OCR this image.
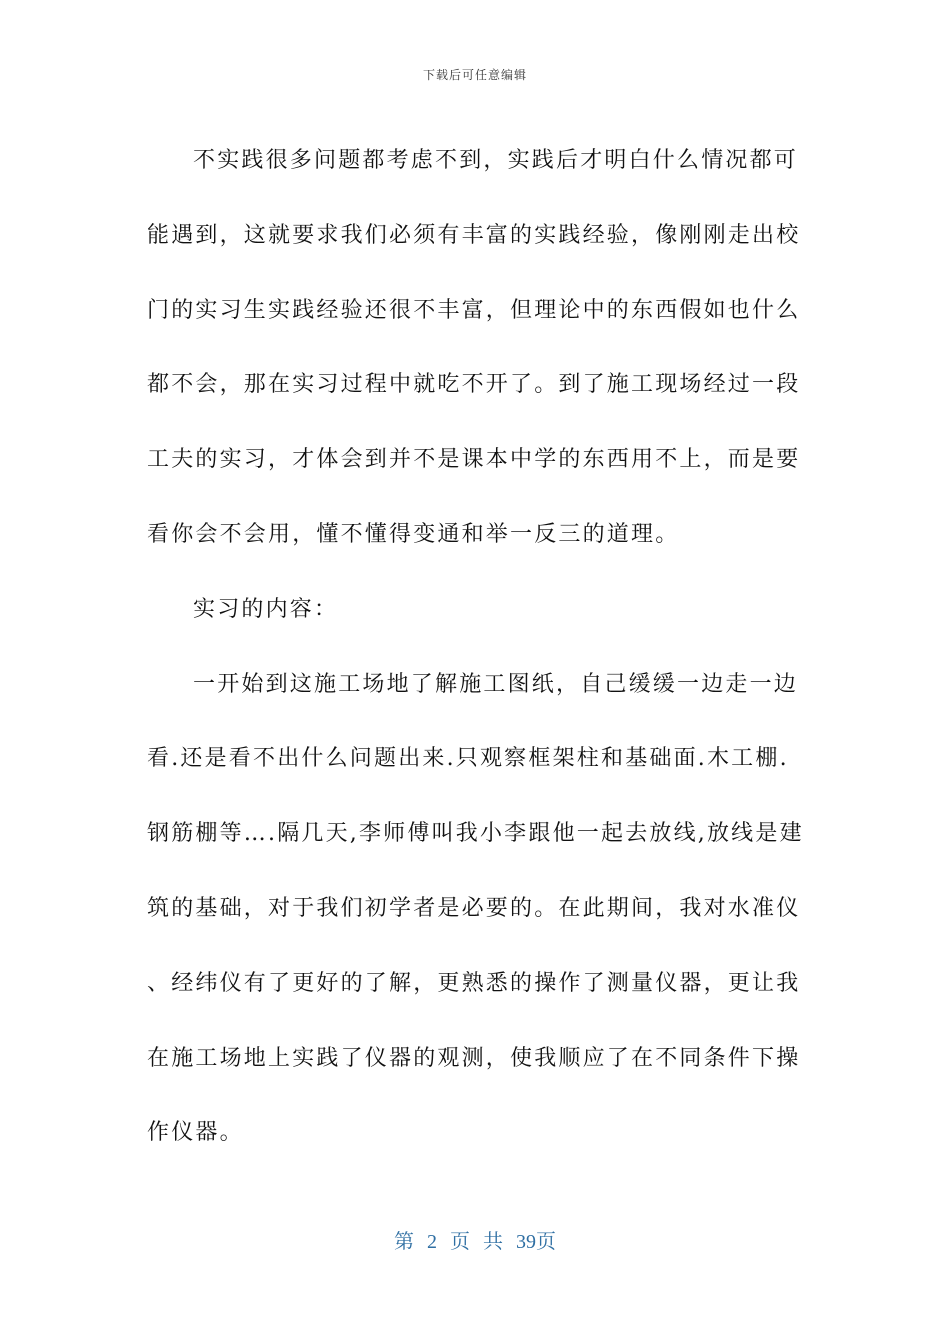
下载后可任意编辑
不实践很多问题都考虑不到，实践后才明白什么情况都可
能遇到，这就要求我们必须有丰富的实践经验，像刚刚走出校
门的实习生实践经验还很不丰富，但理论中的东西假如也什么
都不会，那在实习过程中就吃不开了。到了施工现场经过一段
工夫的实习，才体会到并不是课本中学的东西用不上，而是要
看你会不会用，懂不懂得变通和举一反三的道理。
实习的内容：
一开始到这施工场地了解施工图纸，自己缓缓一边走一边
看.还是看不出什么问题出来.只观察框架柱和基础面.木工棚.
钢筋棚等….隔几天,李师傅叫我小李跟他一起去放线,放线是建
筑的基础，对于我们初学者是必要的。在此期间，我对水准仪
、经纬仪有了更好的了解，更熟悉的操作了测量仪器，更让我
在施工场地上实践了仪器的观测，使我顺应了在不同条件下操
作仪器。
第 2 页 共 39页
